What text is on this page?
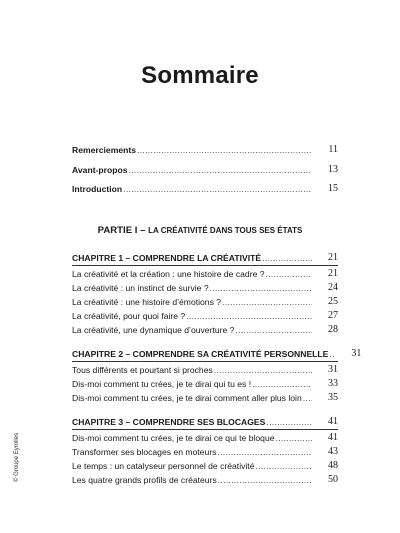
Sommaire
Remerciements .....	11
Avant-propos .....	13
Introduction .....	15
PARTIE I – LA CRÉATIVITÉ DANS TOUS SES ÉTATS
CHAPITRE 1 – COMPRENDRE LA CRÉATIVITÉ .....	21
La créativité et la création : une histoire de cadre ? .....	21
La créativité : un instinct de survie ? .....	24
La créativité : une histoire d’émotions ? .....	25
La créativité, pour quoi faire ? .....	27
La créativité, une dynamique d’ouverture ? .....	28
CHAPITRE 2 – COMPRENDRE SA CRÉATIVITÉ PERSONNELLE .....	31
Tous différents et pourtant si proches .....	31
Dis-moi comment tu crées, je te dirai qui tu es ! .....	33
Dis-moi comment tu crées, je te dirai comment aller plus loin .....	35
CHAPITRE 3 – COMPRENDRE SES BLOCAGES .....	41
Dis-moi comment tu crées, je te dirai ce qui te bloque .....	41
Transformer ses blocages en moteurs .....	43
Le temps : un catalyseur personnel de créativité .....	48
Les quatre grands profils de créateurs .....	50
© Groupe Eyrolles
